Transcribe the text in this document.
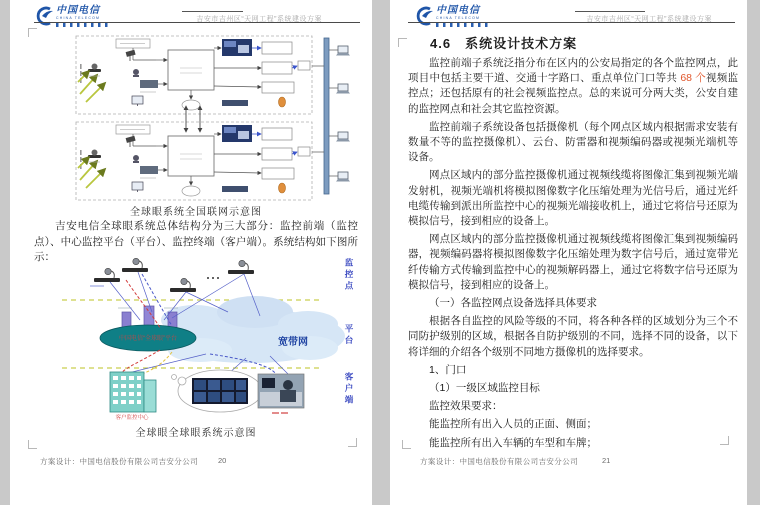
中国电信
CHINA TELECOM	吉安市吉州区“天网工程”系统建设方案
全球眼系统全国联网示意图

吉安电信全球眼系统总体结构分为三大部分：监控前端（监控点）、中心监控平台（平台）、监控终端（客户端）。系统结构如下图所示：

中国电信“全球眼”平台	宽带网
客户监控中心
监控点
平台
客户端
全球眼全球眼系统示意图
方案设计：中国电信股份有限公司吉安分公司	20
中国电信
CHINA TELECOM	吉安市吉州区“天网工程”系统建设方案
4.6　系统设计技术方案

监控前端子系统泛指分布在区内的公安局指定的各个监控网点，此项目中包括主要干道、交通十字路口、重点单位门口等共 68 个视频监控点；还包括原有的社会视频监控点。总的来说可分两大类，公安自建的监控网点和社会其它监控资源。

监控前端子系统设备包括摄像机（每个网点区域内根据需求安装有数量不等的监控摄像机）、云台、防雷器和视频编码器或视频光端机等设备。

网点区域内的部分监控摄像机通过视频线缆将图像汇集到视频光端发射机，视频光端机将模拟图像数字化压缩处理为光信号后，通过光纤电缆传输到派出所监控中心的视频光端接收机上，通过它将信号还原为模拟信号，接到相应的设备上。

网点区域内的部分监控摄像机通过视频线缆将图像汇集到视频编码器，视频编码器将模拟图像数字化压缩处理为数字信号后，通过宽带光纤传输方式传输到监控中心的视频解码器上，通过它将数字信号还原为模拟信号，接到相应的设备上。

（一）各监控网点设备选择具体要求

根据各自监控的风险等级的不同，将各种各样的区域划分为三个不同防护级别的区域，根据各自防护级别的不同，选择不同的设备，以下将详细的介绍各个级别不同地方摄像机的选择要求。

1、门口

（1）一级区域监控目标

监控效果要求：

能监控所有出入人员的正面、侧面；

能监控所有出入车辆的车型和车牌；

方案设计：中国电信股份有限公司吉安分公司	21
